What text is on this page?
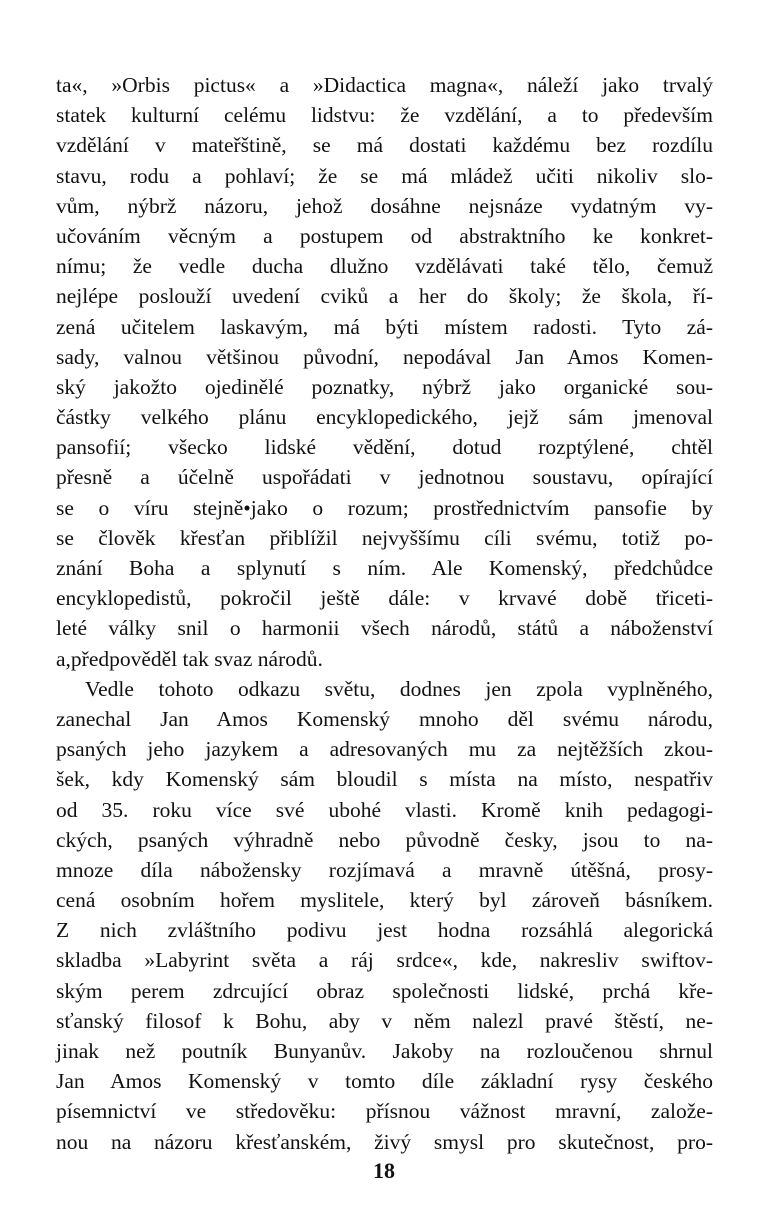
ta«, »Orbis pictus« a »Didactica magna«, náleží jako trvalý
statek kulturní celému lidstvu: že vzdělání, a to především
vzdělání v mateřštině, se má dostati každému bez rozdílu
stavu, rodu a pohlaví; že se má mládež učiti nikoliv slo-
vům, nýbrž názoru, jehož dosáhne nejsnáze vydatným vy-
učováním věcným a postupem od abstraktního ke konkret-
nímu; že vedle ducha dlužno vzdělávati také tělo, čemuž
nejlépe poslouží uvedení cviků a her do školy; že škola, ří-
zená učitelem laskavým, má býti místem radosti. Tyto zá-
sady, valnou většinou původní, nepodával Jan Amos Komen-
ský jakožto ojedinělé poznatky, nýbrž jako organické sou-
částky velkého plánu encyklopedického, jejž sám jmenoval
pansofií; všecko lidské vědění, dotud rozptýlené, chtěl
přesně a účelně uspořádati v jednotnou soustavu, opírající
se o víru stejně•jako o rozum; prostřednictvím pansofie by
se člověk křesťan přiblížil nejvyššímu cíli svému, totiž po-
znání Boha a splynutí s ním. Ale Komenský, předchůdce
encyklopedistů, pokročil ještě dále: v krvavé době třiceti-
leté války snil o harmonii všech národů, států a náboženství
a,předpověděl tak svaz národů.
Vedle tohoto odkazu světu, dodnes jen zpola vyplněného,
zanechal Jan Amos Komenský mnoho děl svému národu,
psaných jeho jazykem a adresovaných mu za nejtěžších zkou-
šek, kdy Komenský sám bloudil s místa na místo, nespatřiv
od 35. roku více své ubohé vlasti. Kromě knih pedagogi-
ckých, psaných výhradně nebo původně česky, jsou to na-
mnoze díla nábožensky rozjímavá a mravně útěšná, prosy-
cená osobním hořem myslitele, který byl zároveň básníkem.
Z nich zvláštního podivu jest hodna rozsáhlá alegorická
skladba »Labyrint světa a ráj srdce«, kde, nakresliv swiftov-
ským perem zdrcující obraz společnosti lidské, prchá kře-
sťanský filosof k Bohu, aby v něm nalezl pravé štěstí, ne-
jinak než poutník Bunyanův. Jakoby na rozloučenou shrnul
Jan Amos Komenský v tomto díle základní rysy českého
písemnictví ve středověku: přísnou vážnost mravní, založe-
nou na názoru křesťanském, živý smysl pro skutečnost, pro-
18
